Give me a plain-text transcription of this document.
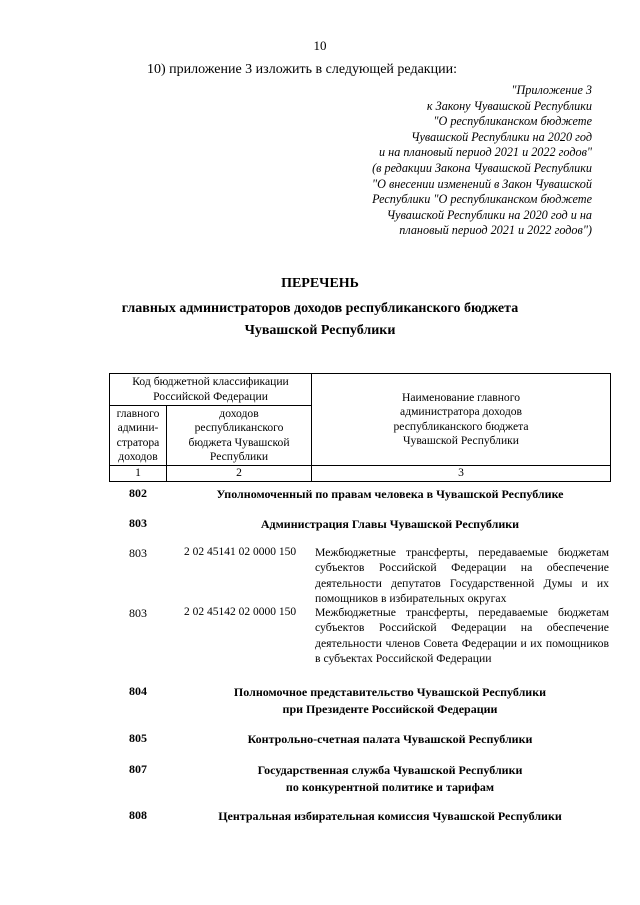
10
10) приложение 3 изложить в следующей редакции:
"Приложение 3
к Закону Чувашской Республики
"О республиканском бюджете
Чувашской Республики на 2020 год
и на плановый период 2021 и 2022 годов"
(в редакции Закона Чувашской Республики
"О внесении изменений в Закон Чувашской
Республики "О республиканском бюджете
Чувашской Республики на 2020 год и на
плановый период 2021 и 2022 годов")
ПЕРЕЧЕНЬ
главных администраторов доходов республиканского бюджета
Чувашской Республики
Код бюджетной классификации Российской Федерации		Наименование главного администратора доходов республиканского бюджета Чувашской Республики
главного админи-стратора доходов	доходов республиканского бюджета Чувашской Республики	
1	2	3
802	Уполномоченный по правам человека в Чувашской Республике
803	Администрация Главы Чувашской Республики
803	2 02 45141 02 0000 150	Межбюджетные трансферты, передаваемые бюджетам субъектов Российской Федерации на обеспечение деятельности депутатов Государственной Думы и их помощников в избирательных округах
803	2 02 45142 02 0000 150	Межбюджетные трансферты, передаваемые бюджетам субъектов Российской Федерации на обеспечение деятельности членов Совета Федерации и их помощников в субъектах Российской Федерации
804	Полномочное представительство Чувашской Республики
при Президенте Российской Федерации
805	Контрольно-счетная палата Чувашской Республики
807	Государственная служба Чувашской Республики
по конкурентной политике и тарифам
808	Центральная избирательная комиссия Чувашской Республики
